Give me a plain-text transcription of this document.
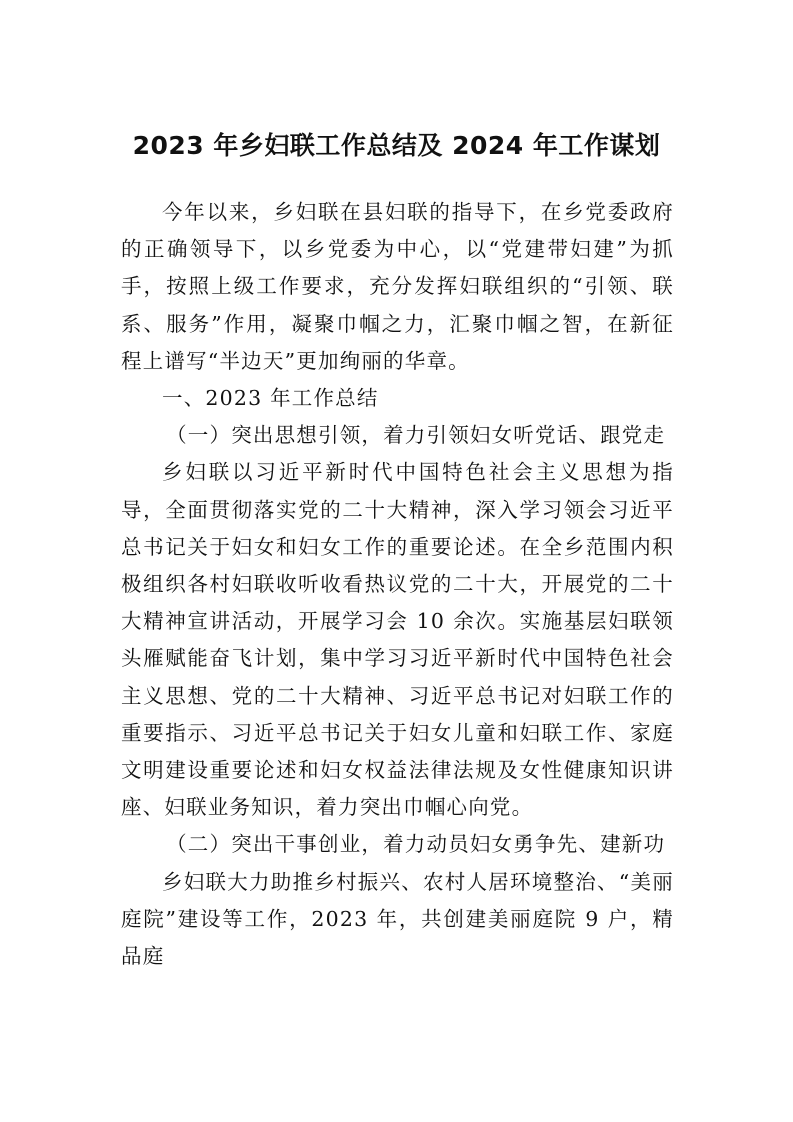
2023 年乡妇联工作总结及 2024 年工作谋划

今年以来，乡妇联在县妇联的指导下，在乡党委政府的正确领导下，以乡党委为中心，以“党建带妇建”为抓手，按照上级工作要求，充分发挥妇联组织的“引领、联系、服务”作用，凝聚巾帼之力，汇聚巾帼之智，在新征程上谱写“半边天”更加绚丽的华章。

一、2023 年工作总结

（一）突出思想引领，着力引领妇女听党话、跟党走

乡妇联以习近平新时代中国特色社会主义思想为指导，全面贯彻落实党的二十大精神，深入学习领会习近平总书记关于妇女和妇女工作的重要论述。在全乡范围内积极组织各村妇联收听收看热议党的二十大，开展党的二十大精神宣讲活动，开展学习会 10 余次。实施基层妇联领头雁赋能奋飞计划，集中学习习近平新时代中国特色社会主义思想、党的二十大精神、习近平总书记对妇联工作的重要指示、习近平总书记关于妇女儿童和妇联工作、家庭文明建设重要论述和妇女权益法律法规及女性健康知识讲座、妇联业务知识，着力突出巾帼心向党。

（二）突出干事创业，着力动员妇女勇争先、建新功

乡妇联大力助推乡村振兴、农村人居环境整治、“美丽庭院”建设等工作，2023 年，共创建美丽庭院 9 户，精品庭
